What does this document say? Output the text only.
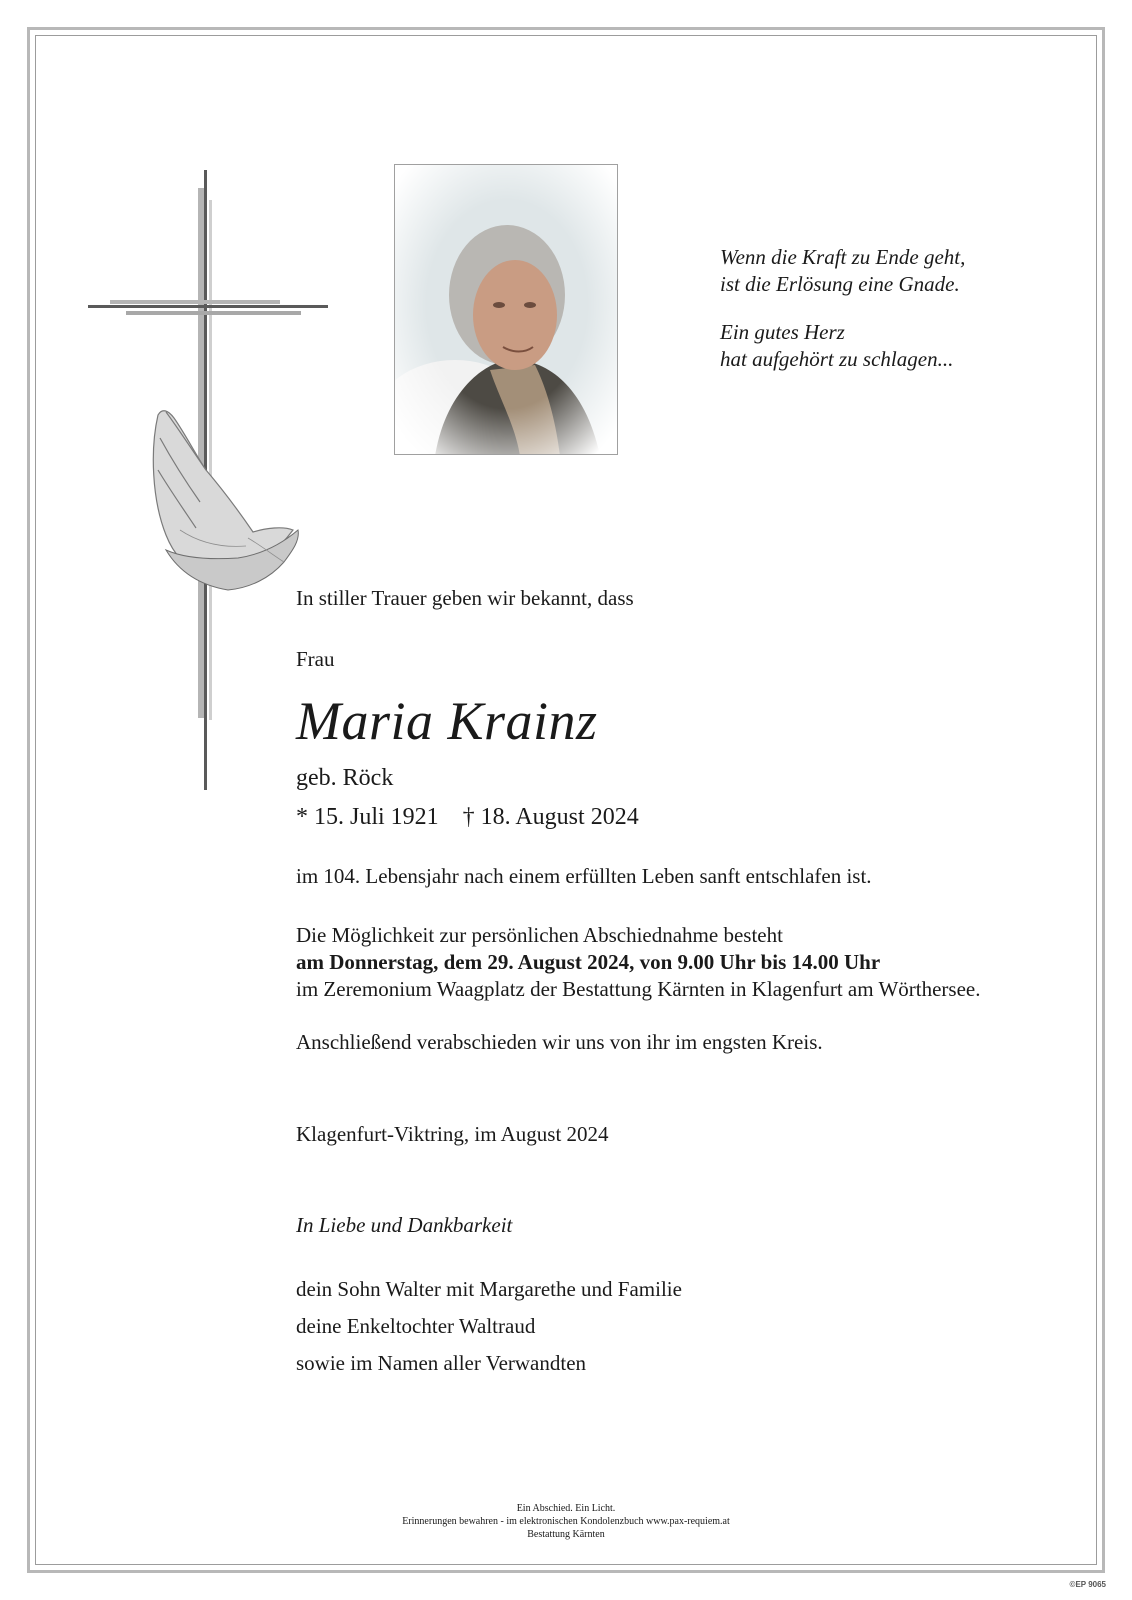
Wenn die Kraft zu Ende geht,
ist die Erlösung eine Gnade.

Ein gutes Herz
hat aufgehört zu schlagen...

In stiller Trauer geben wir bekannt, dass
Frau
Maria Krainz
geb. Röck
* 15. Juli 1921    † 18. August 2024
im 104. Lebensjahr nach einem erfüllten Leben sanft entschlafen ist.
Die Möglichkeit zur persönlichen Abschiednahme besteht
am Donnerstag, dem 29. August 2024, von 9.00 Uhr bis 14.00 Uhr
im Zeremonium Waagplatz der Bestattung Kärnten in Klagenfurt am Wörthersee.
Anschließend verabschieden wir uns von ihr im engsten Kreis.
Klagenfurt-Viktring, im August 2024
In Liebe und Dankbarkeit
dein Sohn Walter mit Margarethe und Familie
deine Enkeltochter Waltraud
sowie im Namen aller Verwandten
Ein Abschied. Ein Licht.
Erinnerungen bewahren - im elektronischen Kondolenzbuch www.pax-requiem.at
Bestattung Kärnten
©EP 9065
